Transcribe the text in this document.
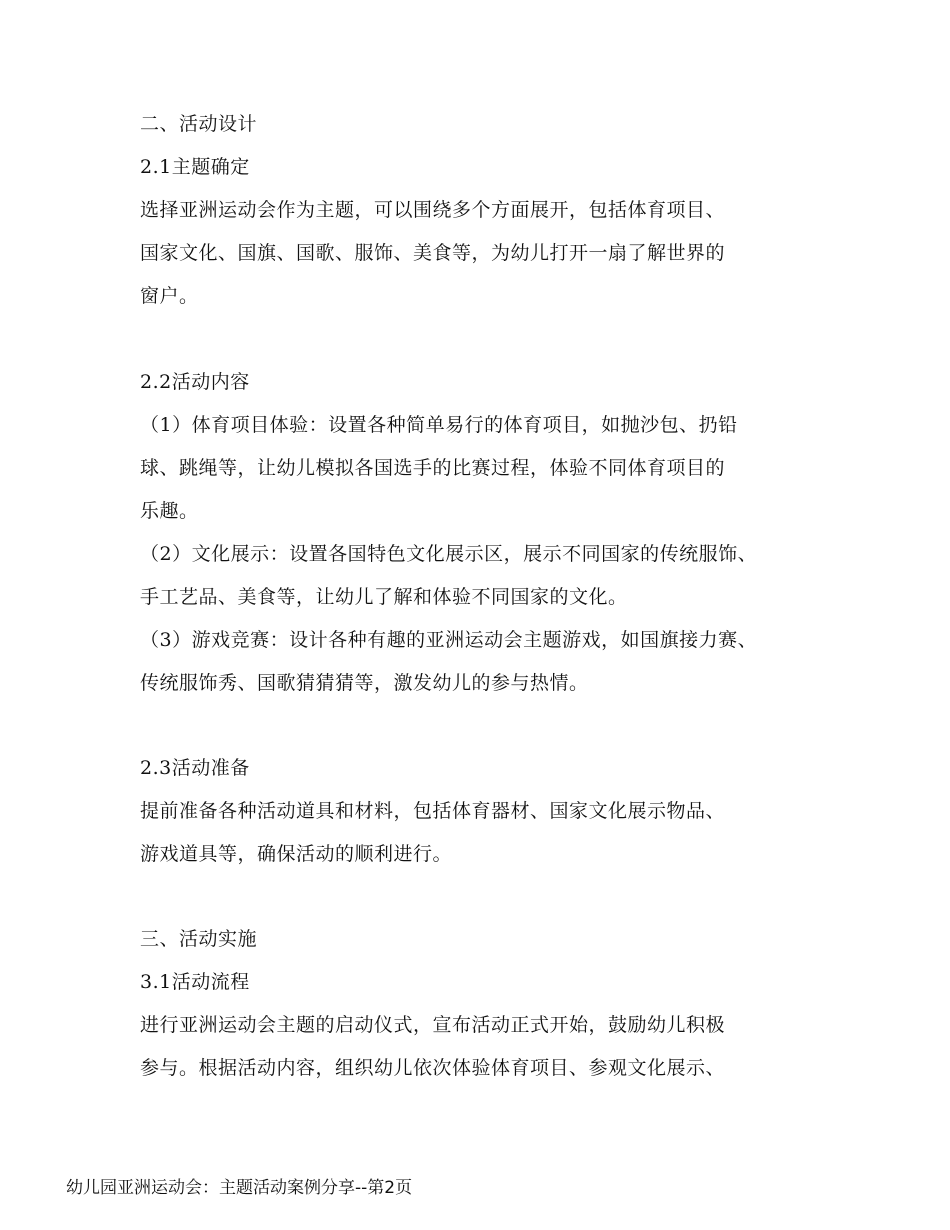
二、活动设计
2.1主题确定
选择亚洲运动会作为主题，可以围绕多个方面展开，包括体育项目、
国家文化、国旗、国歌、服饰、美食等，为幼儿打开一扇了解世界的
窗户。
2.2活动内容
（1）体育项目体验：设置各种简单易行的体育项目，如抛沙包、扔铅
球、跳绳等，让幼儿模拟各国选手的比赛过程，体验不同体育项目的
乐趣。
（2）文化展示：设置各国特色文化展示区，展示不同国家的传统服饰、
手工艺品、美食等，让幼儿了解和体验不同国家的文化。
（3）游戏竞赛：设计各种有趣的亚洲运动会主题游戏，如国旗接力赛、
传统服饰秀、国歌猜猜猜等，激发幼儿的参与热情。
2.3活动准备
提前准备各种活动道具和材料，包括体育器材、国家文化展示物品、
游戏道具等，确保活动的顺利进行。
三、活动实施
3.1活动流程
进行亚洲运动会主题的启动仪式，宣布活动正式开始，鼓励幼儿积极
参与。根据活动内容，组织幼儿依次体验体育项目、参观文化展示、
幼儿园亚洲运动会：主题活动案例分享--第2页
